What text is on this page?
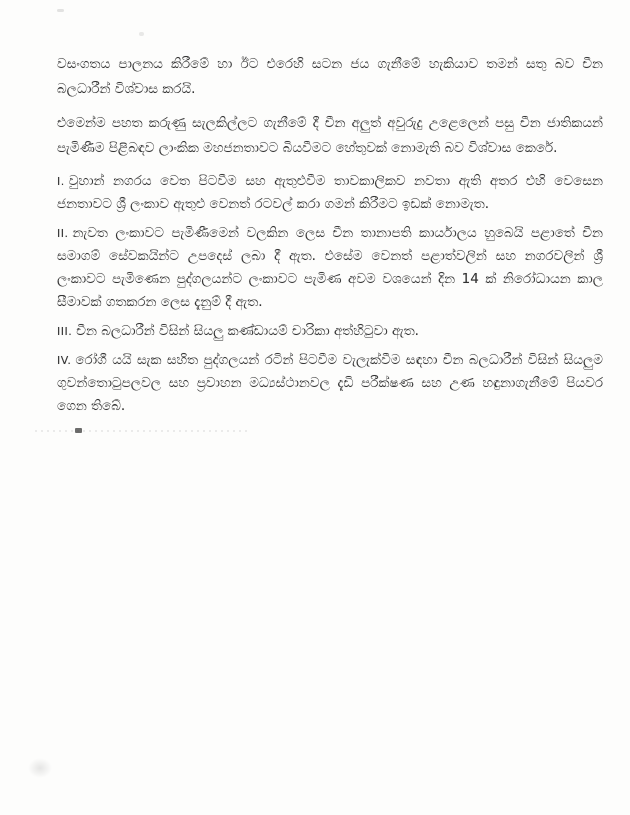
වසංගතය පාලනය කිරීමේ හා ඊට එරෙහි සටන ජය ගැනීමේ හැකියාව තමන් සතු බව චීන බලධාරීන් විශ්වාස කරයි.

එමෙන්ම පහත කරුණු සැලකිල්ලට ගැනීමේ දී චීන අලුත් අවුරුදු උළෙලෙන් පසු චීන ජාතිකයන් පැමිණීම පිළිබඳව ලාංකික මහජනතාවට බියවීමට හේතුවක් නොමැති බව විශ්වාස කෙරේ.

I. වුහාන් නගරය වෙත පිටවීම සහ ඇතුළුවීම තාවකාලිකව නවතා ඇති අතර එහි වෙසෙන ජනතාවට ශ්‍රී ලංකාව ඇතුළු වෙනත් රටවල් කරා ගමන් කිරීමට ඉඩක් නොමැත.

II. නැවත ලංකාවට පැමිණීමෙන් වලකින ලෙස චීන තානාපති කාර්යාලය හුබෙයි පළාතේ චීන සමාගම් සේවකයින්ට උපදෙස් ලබා දී ඇත. එසේම වෙනත් පළාත්වලින් සහ නගරවලින් ශ්‍රී ලංකාවට පැමිණෙන පුද්ගලයන්ට ලංකාවට පැමිණ අවම වශයෙන් දින 14 ක් නිරෝධායන කාල සීමාවක් ගතකරන ලෙස දැනුම් දී ඇත.

III. චීන බලධාරීන් විසින් සියලු කණ්ඩායම් චාරිකා අත්හිටුවා ඇත.

IV. රෝගී යයි සැක සහිත පුද්ගලයන් රටින් පිටවීම වැලැක්වීම සඳහා චීන බලධාරීන් විසින් සියලුම ගුවන්තොටුපලවල සහ ප්‍රවාහන මධ්‍යස්ථානවල දැඩි පරීක්ෂණ සහ උණ හඳුනාගැනීමේ පියවර ගෙන තිබේ.
